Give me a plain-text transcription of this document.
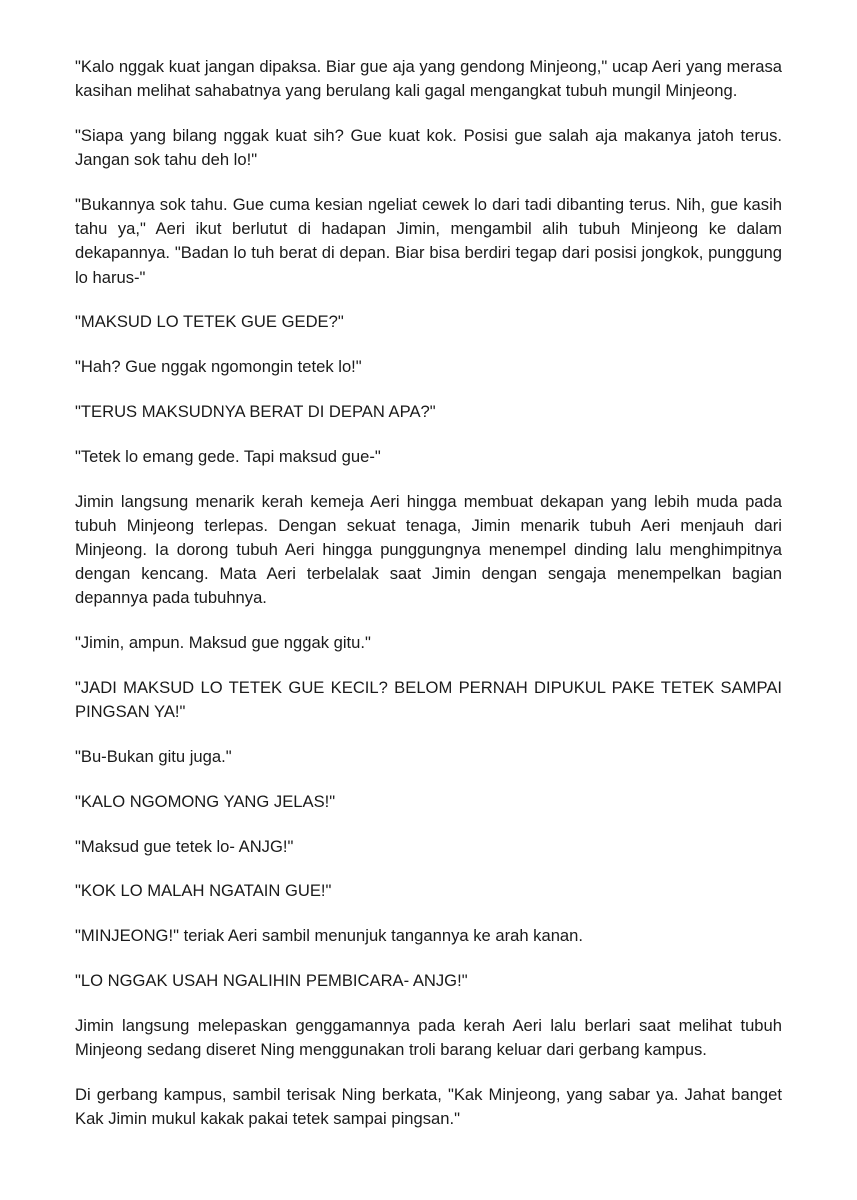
"Kalo nggak kuat jangan dipaksa. Biar gue aja yang gendong Minjeong," ucap Aeri yang merasa kasihan melihat sahabatnya yang berulang kali gagal mengangkat tubuh mungil Minjeong.

"Siapa yang bilang nggak kuat sih? Gue kuat kok. Posisi gue salah aja makanya jatoh terus. Jangan sok tahu deh lo!"

"Bukannya sok tahu. Gue cuma kesian ngeliat cewek lo dari tadi dibanting terus. Nih, gue kasih tahu ya," Aeri ikut berlutut di hadapan Jimin, mengambil alih tubuh Minjeong ke dalam dekapannya. "Badan lo tuh berat di depan. Biar bisa berdiri tegap dari posisi jongkok, punggung lo harus-"

"MAKSUD LO TETEK GUE GEDE?"

"Hah? Gue nggak ngomongin tetek lo!"

"TERUS MAKSUDNYA BERAT DI DEPAN APA?"

"Tetek lo emang gede. Tapi maksud gue-"

Jimin langsung menarik kerah kemeja Aeri hingga membuat dekapan yang lebih muda pada tubuh Minjeong terlepas. Dengan sekuat tenaga, Jimin menarik tubuh Aeri menjauh dari Minjeong. Ia dorong tubuh Aeri hingga punggungnya menempel dinding lalu menghimpitnya dengan kencang. Mata Aeri terbelalak saat Jimin dengan sengaja menempelkan bagian depannya pada tubuhnya.

"Jimin, ampun. Maksud gue nggak gitu."

"JADI MAKSUD LO TETEK GUE KECIL? BELOM PERNAH DIPUKUL PAKE TETEK SAMPAI PINGSAN YA!"

"Bu-Bukan gitu juga."

"KALO NGOMONG YANG JELAS!"

"Maksud gue tetek lo- ANJG!"

"KOK LO MALAH NGATAIN GUE!"

"MINJEONG!" teriak Aeri sambil menunjuk tangannya ke arah kanan.

"LO NGGAK USAH NGALIHIN PEMBICARA- ANJG!"

Jimin langsung melepaskan genggamannya pada kerah Aeri lalu berlari saat melihat tubuh Minjeong sedang diseret Ning menggunakan troli barang keluar dari gerbang kampus.

Di gerbang kampus, sambil terisak Ning berkata, "Kak Minjeong, yang sabar ya. Jahat banget Kak Jimin mukul kakak pakai tetek sampai pingsan."
